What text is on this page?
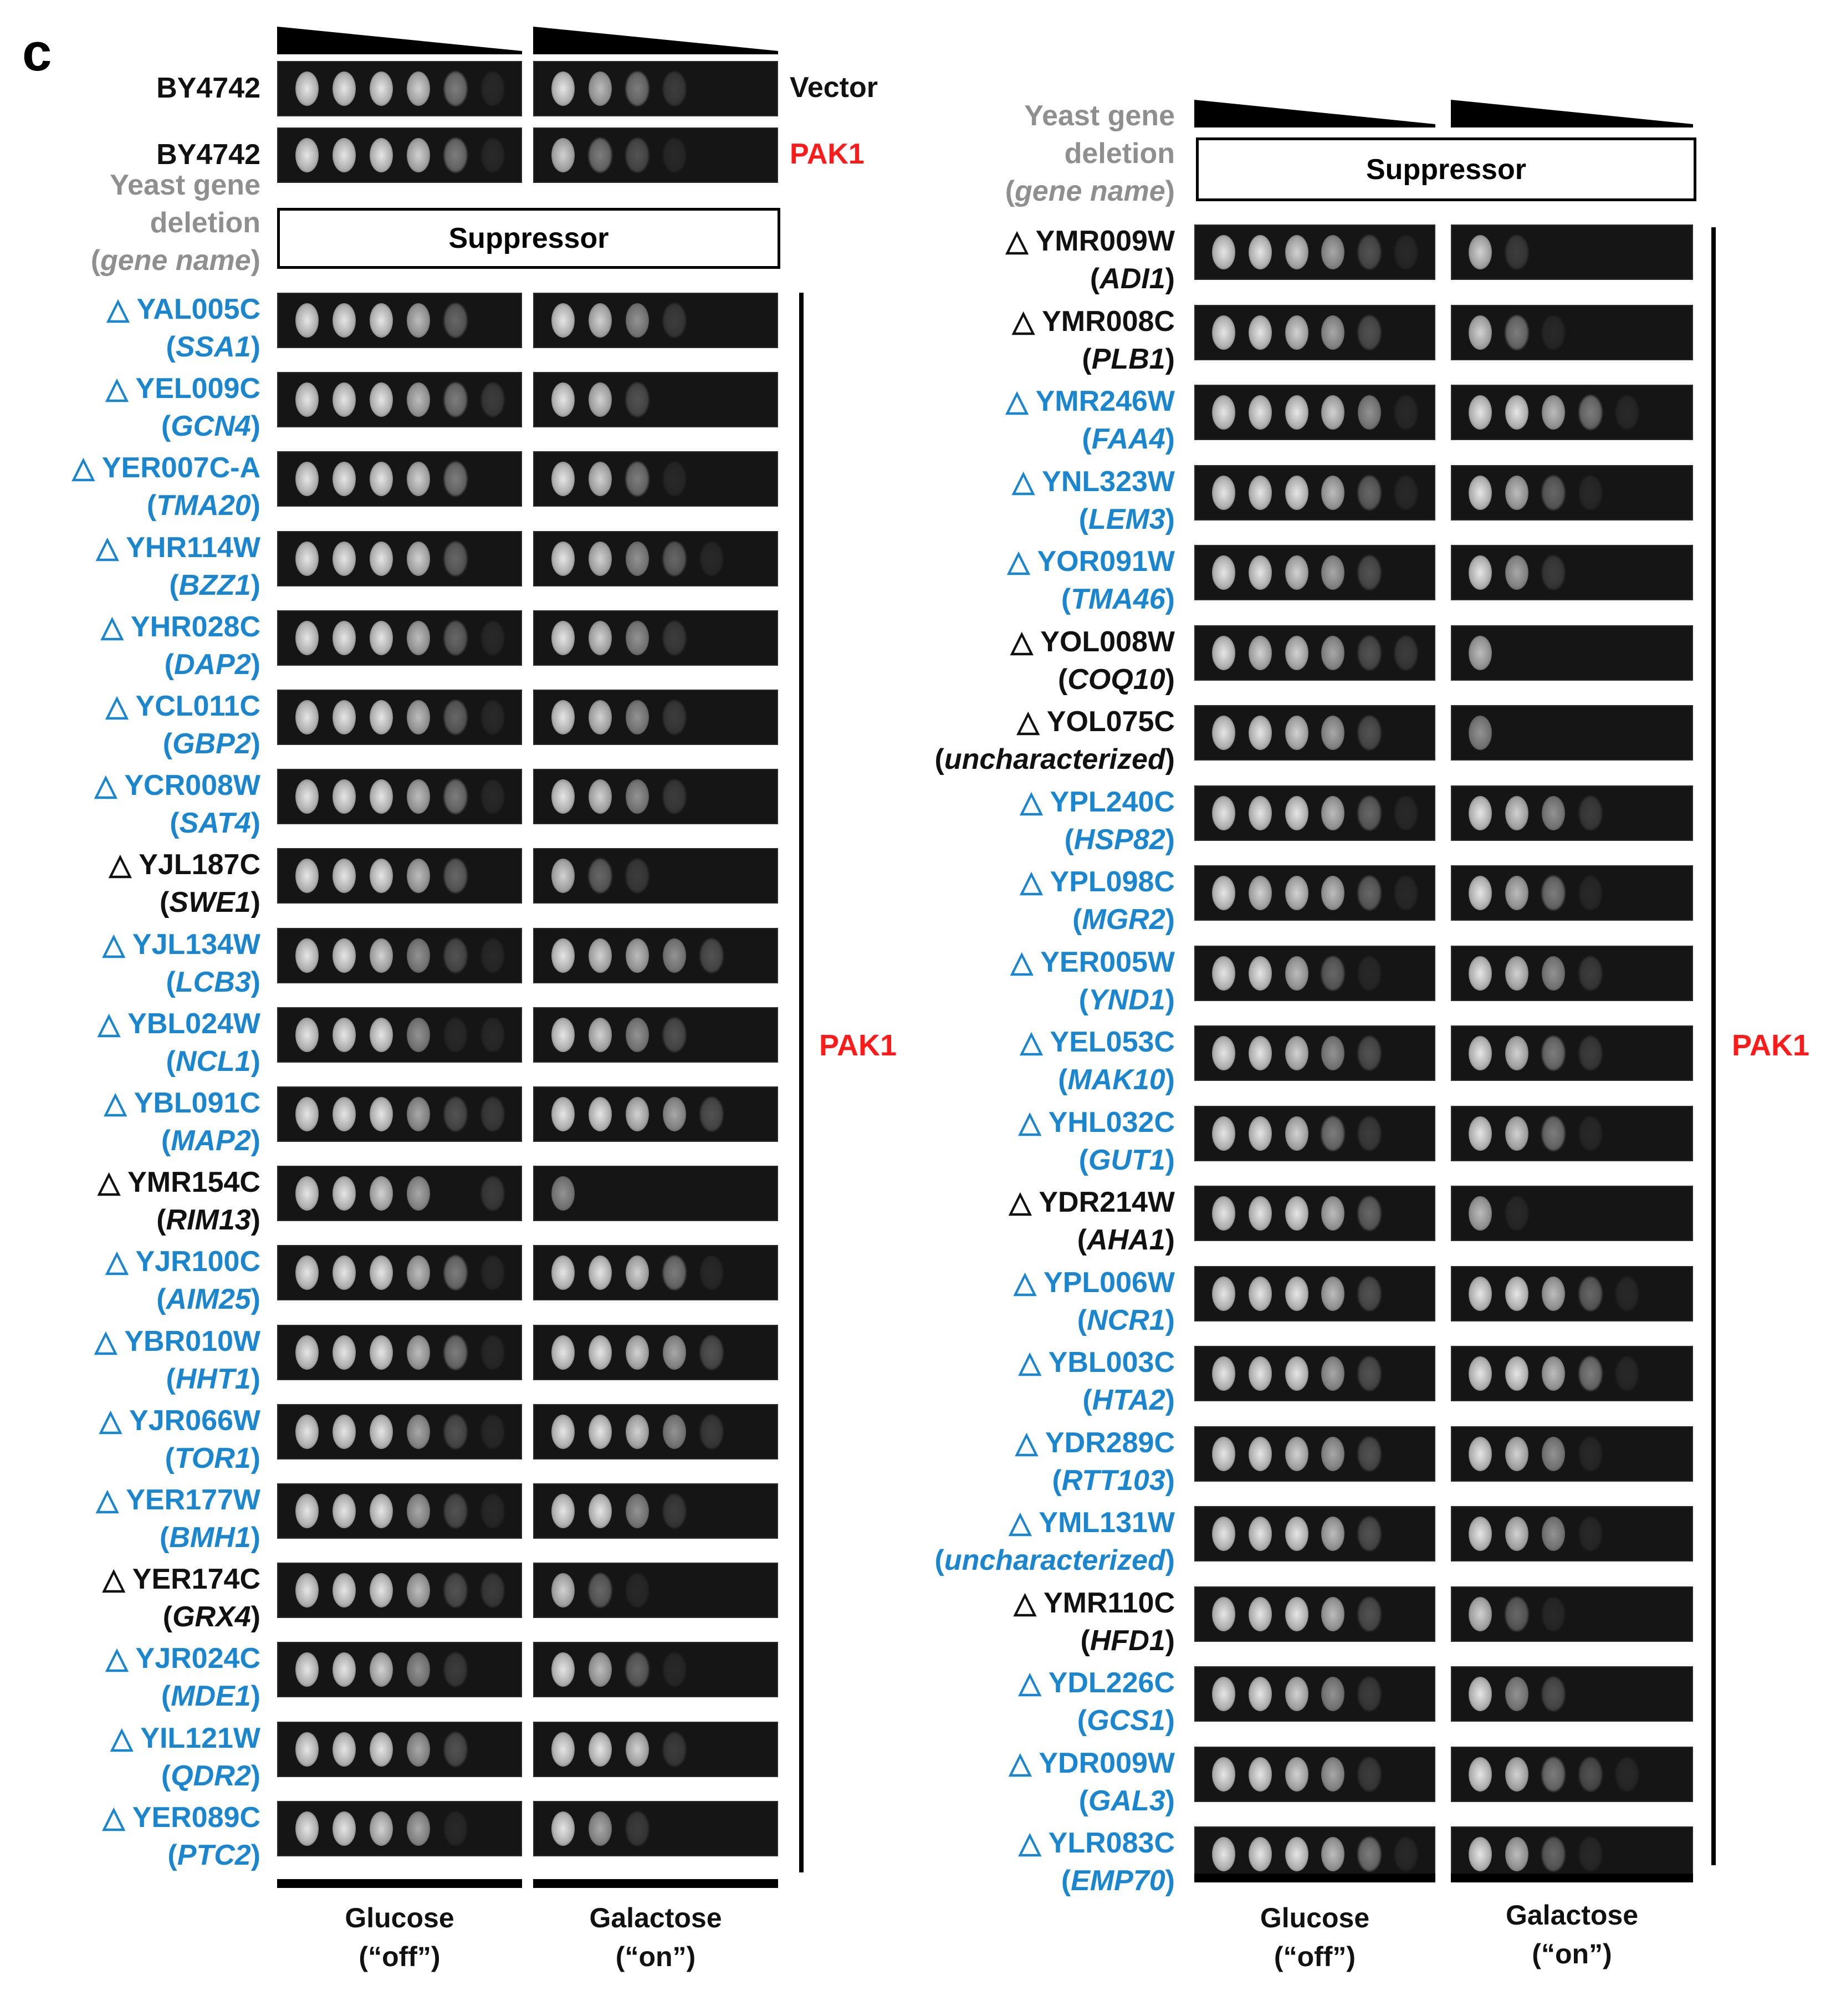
c
BY4742	Vector
BY4742	PAK1
Yeast gene
deletion
(gene name)
Suppressor
△ YAL005C
(SSA1)
△ YEL009C
(GCN4)
△ YER007C-A
(TMA20)
△ YHR114W
(BZZ1)
△ YHR028C
(DAP2)
△ YCL011C
(GBP2)
△ YCR008W
(SAT4)
△ YJL187C
(SWE1)
△ YJL134W
(LCB3)
△ YBL024W
(NCL1)
△ YBL091C
(MAP2)
△ YMR154C
(RIM13)
△ YJR100C
(AIM25)
△ YBR010W
(HHT1)
△ YJR066W
(TOR1)
△ YER177W
(BMH1)
△ YER174C
(GRX4)
△ YJR024C
(MDE1)
△ YIL121W
(QDR2)
△ YER089C
(PTC2)
PAK1
Glucose
(“off”)
Galactose
(“on”)
Yeast gene
deletion
(gene name)
Suppressor
△ YMR009W
(ADI1)
△ YMR008C
(PLB1)
△ YMR246W
(FAA4)
△ YNL323W
(LEM3)
△ YOR091W
(TMA46)
△ YOL008W
(COQ10)
△ YOL075C
(uncharacterized)
△ YPL240C
(HSP82)
△ YPL098C
(MGR2)
△ YER005W
(YND1)
△ YEL053C
(MAK10)
△ YHL032C
(GUT1)
△ YDR214W
(AHA1)
△ YPL006W
(NCR1)
△ YBL003C
(HTA2)
△ YDR289C
(RTT103)
△ YML131W
(uncharacterized)
△ YMR110C
(HFD1)
△ YDL226C
(GCS1)
△ YDR009W
(GAL3)
△ YLR083C
(EMP70)
PAK1
Glucose
(“off”)
Galactose
(“on”)
